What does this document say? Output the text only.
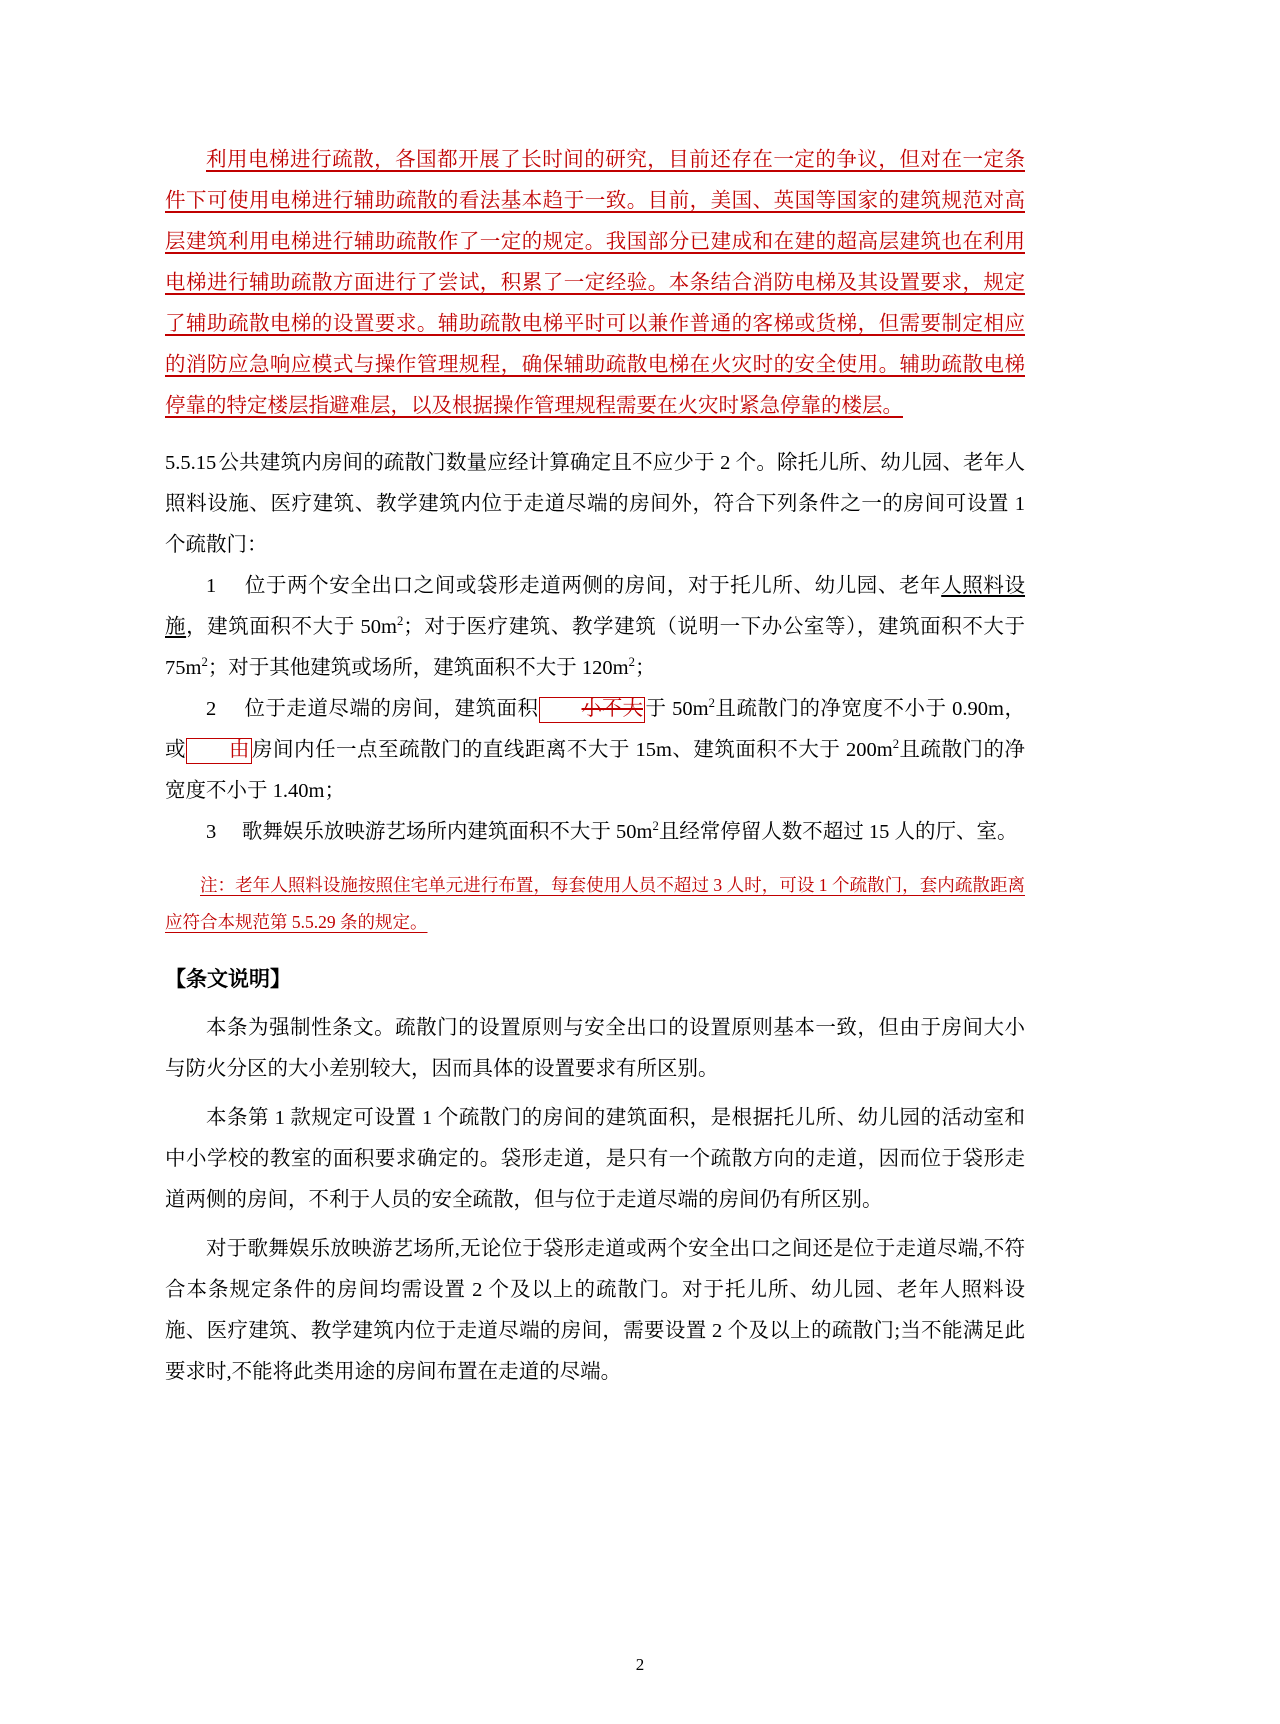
利用电梯进行疏散，各国都开展了长时间的研究，目前还存在一定的争议，但对在一定条件下可使用电梯进行辅助疏散的看法基本趋于一致。目前，美国、英国等国家的建筑规范对高层建筑利用电梯进行辅助疏散作了一定的规定。我国部分已建成和在建的超高层建筑也在利用电梯进行辅助疏散方面进行了尝试，积累了一定经验。本条结合消防电梯及其设置要求，规定了辅助疏散电梯的设置要求。辅助疏散电梯平时可以兼作普通的客梯或货梯，但需要制定相应的消防应急响应模式与操作管理规程，确保辅助疏散电梯在火灾时的安全使用。辅助疏散电梯停靠的特定楼层指避难层，以及根据操作管理规程需要在火灾时紧急停靠的楼层。

5.5.15公共建筑内房间的疏散门数量应经计算确定且不应少于 2 个。除托儿所、幼儿园、老年人照料设施、医疗建筑、教学建筑内位于走道尽端的房间外，符合下列条件之一的房间可设置 1 个疏散门：

1     位于两个安全出口之间或袋形走道两侧的房间，对于托儿所、幼儿园、老年人照料设施，建筑面积不大于 $50m^2$；对于医疗建筑、教学建筑（说明一下办公室等），建筑面积不大于 $75m^2$；对于其他建筑或场所，建筑面积不大于 $120m^2$；

2     位于走道尽端的房间，建筑面积 小不大于 $50m^2$且疏散门的净宽度不小于 0.90m，或 由房间内任一点至疏散门的直线距离不大于 15m、建筑面积不大于 $200m^2$且疏散门的净宽度不小于 1.40m；

3     歌舞娱乐放映游艺场所内建筑面积不大于 $50m^2$且经常停留人数不超过 15 人的厅、室。

注：老年人照料设施按照住宅单元进行布置，每套使用人员不超过 3 人时，可设 1 个疏散门，套内疏散距离应符合本规范第 5.5.29 条的规定。

【条文说明】

本条为强制性条文。疏散门的设置原则与安全出口的设置原则基本一致，但由于房间大小与防火分区的大小差别较大，因而具体的设置要求有所区别。

本条第 1 款规定可设置 1 个疏散门的房间的建筑面积，是根据托儿所、幼儿园的活动室和中小学校的教室的面积要求确定的。袋形走道，是只有一个疏散方向的走道，因而位于袋形走道两侧的房间，不利于人员的安全疏散，但与位于走道尽端的房间仍有所区别。

对于歌舞娱乐放映游艺场所,无论位于袋形走道或两个安全出口之间还是位于走道尽端,不符合本条规定条件的房间均需设置 2 个及以上的疏散门。对于托儿所、幼儿园、老年人照料设施、医疗建筑、教学建筑内位于走道尽端的房间，需要设置 2 个及以上的疏散门;当不能满足此要求时,不能将此类用途的房间布置在走道的尽端。

2
